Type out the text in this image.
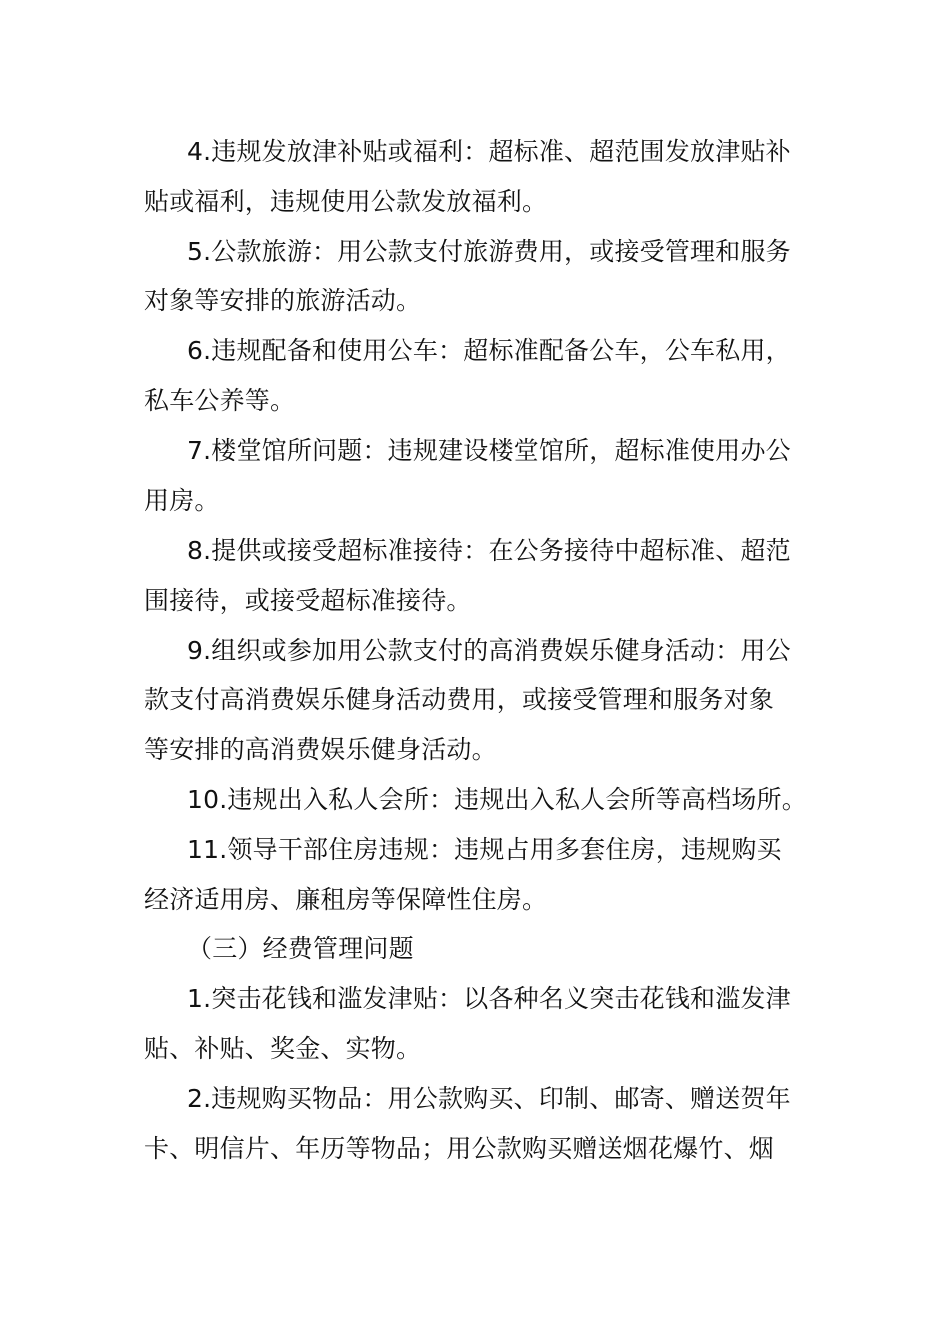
4.违规发放津补贴或福利：超标准、超范围发放津贴补
贴或福利，违规使用公款发放福利。
5.公款旅游：用公款支付旅游费用，或接受管理和服务
对象等安排的旅游活动。
6.违规配备和使用公车：超标准配备公车，公车私用，
私车公养等。
7.楼堂馆所问题：违规建设楼堂馆所，超标准使用办公
用房。
8.提供或接受超标准接待：在公务接待中超标准、超范
围接待，或接受超标准接待。
9.组织或参加用公款支付的高消费娱乐健身活动：用公
款支付高消费娱乐健身活动费用，或接受管理和服务对象
等安排的高消费娱乐健身活动。
10.违规出入私人会所：违规出入私人会所等高档场所。
11.领导干部住房违规：违规占用多套住房，违规购买
经济适用房、廉租房等保障性住房。
（三）经费管理问题
1.突击花钱和滥发津贴：以各种名义突击花钱和滥发津
贴、补贴、奖金、实物。
2.违规购买物品：用公款购买、印制、邮寄、赠送贺年
卡、明信片、年历等物品；用公款购买赠送烟花爆竹、烟
